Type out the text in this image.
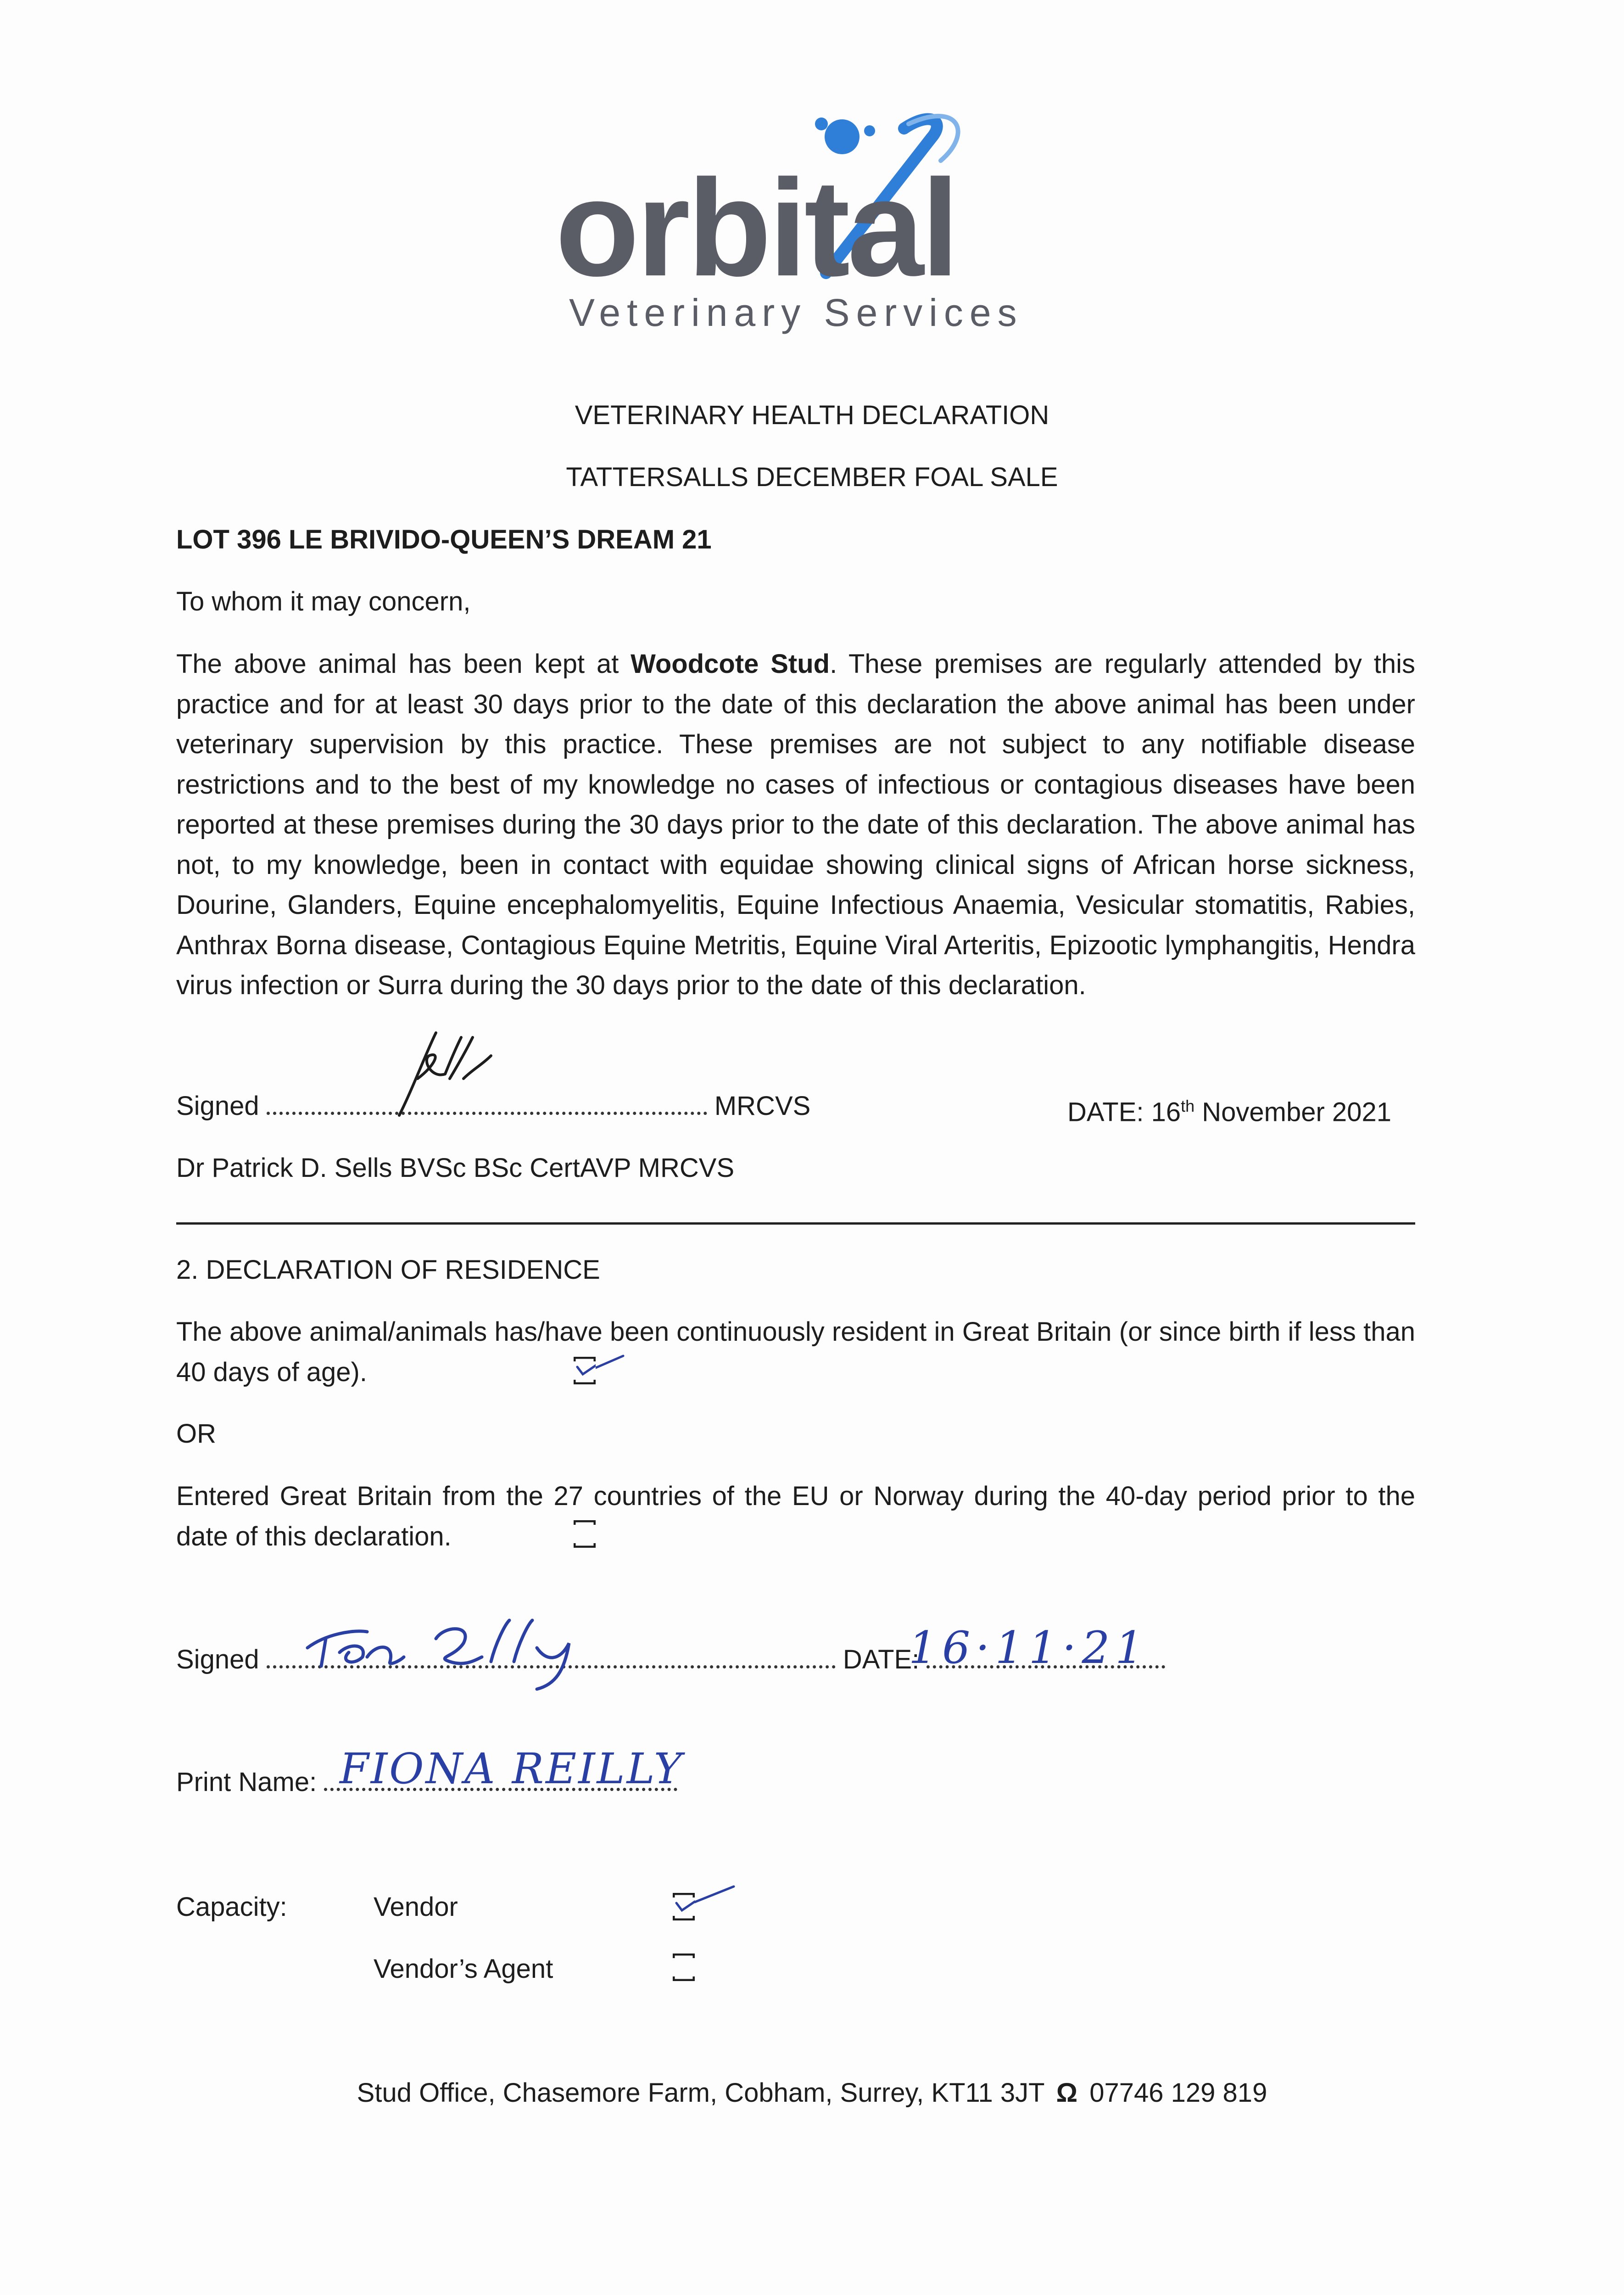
orbital
Veterinary Services
VETERINARY HEALTH DECLARATION
TATTERSALLS DECEMBER FOAL SALE
LOT 396 LE BRIVIDO-QUEEN’S DREAM 21
To whom it may concern,
The above animal has been kept at Woodcote Stud. These premises are regularly attended by this practice and for at least 30 days prior to the date of this declaration the above animal has been under veterinary supervision by this practice. These premises are not subject to any notifiable disease restrictions and to the best of my knowledge no cases of infectious or contagious diseases have been reported at these premises during the 30 days prior to the date of this declaration. The above animal has not, to my knowledge, been in contact with equidae showing clinical signs of African horse sickness, Dourine, Glanders, Equine encephalomyelitis, Equine Infectious Anaemia, Vesicular stomatitis, Rabies, Anthrax Borna disease, Contagious Equine Metritis, Equine Viral Arteritis, Epizootic lymphangitis, Hendra virus infection or Surra during the 30 days prior to the date of this declaration.
Signed	MRCVS	DATE: 16th November 2021
Dr Patrick D. Sells BVSc BSc CertAVP MRCVS
2. DECLARATION OF RESIDENCE
The above animal/animals has/have been continuously resident in Great Britain (or since birth if less than 40 days of age).
OR
Entered Great Britain from the 27 countries of the EU or Norway during the 40-day period prior to the date of this declaration.
Signed	DATE:
16·11·21
Print Name: FIONA REILLY
Capacity:	Vendor
Vendor’s Agent
Stud Office, Chasemore Farm, Cobham, Surrey, KT11 3JT Ω 07746 129 819
